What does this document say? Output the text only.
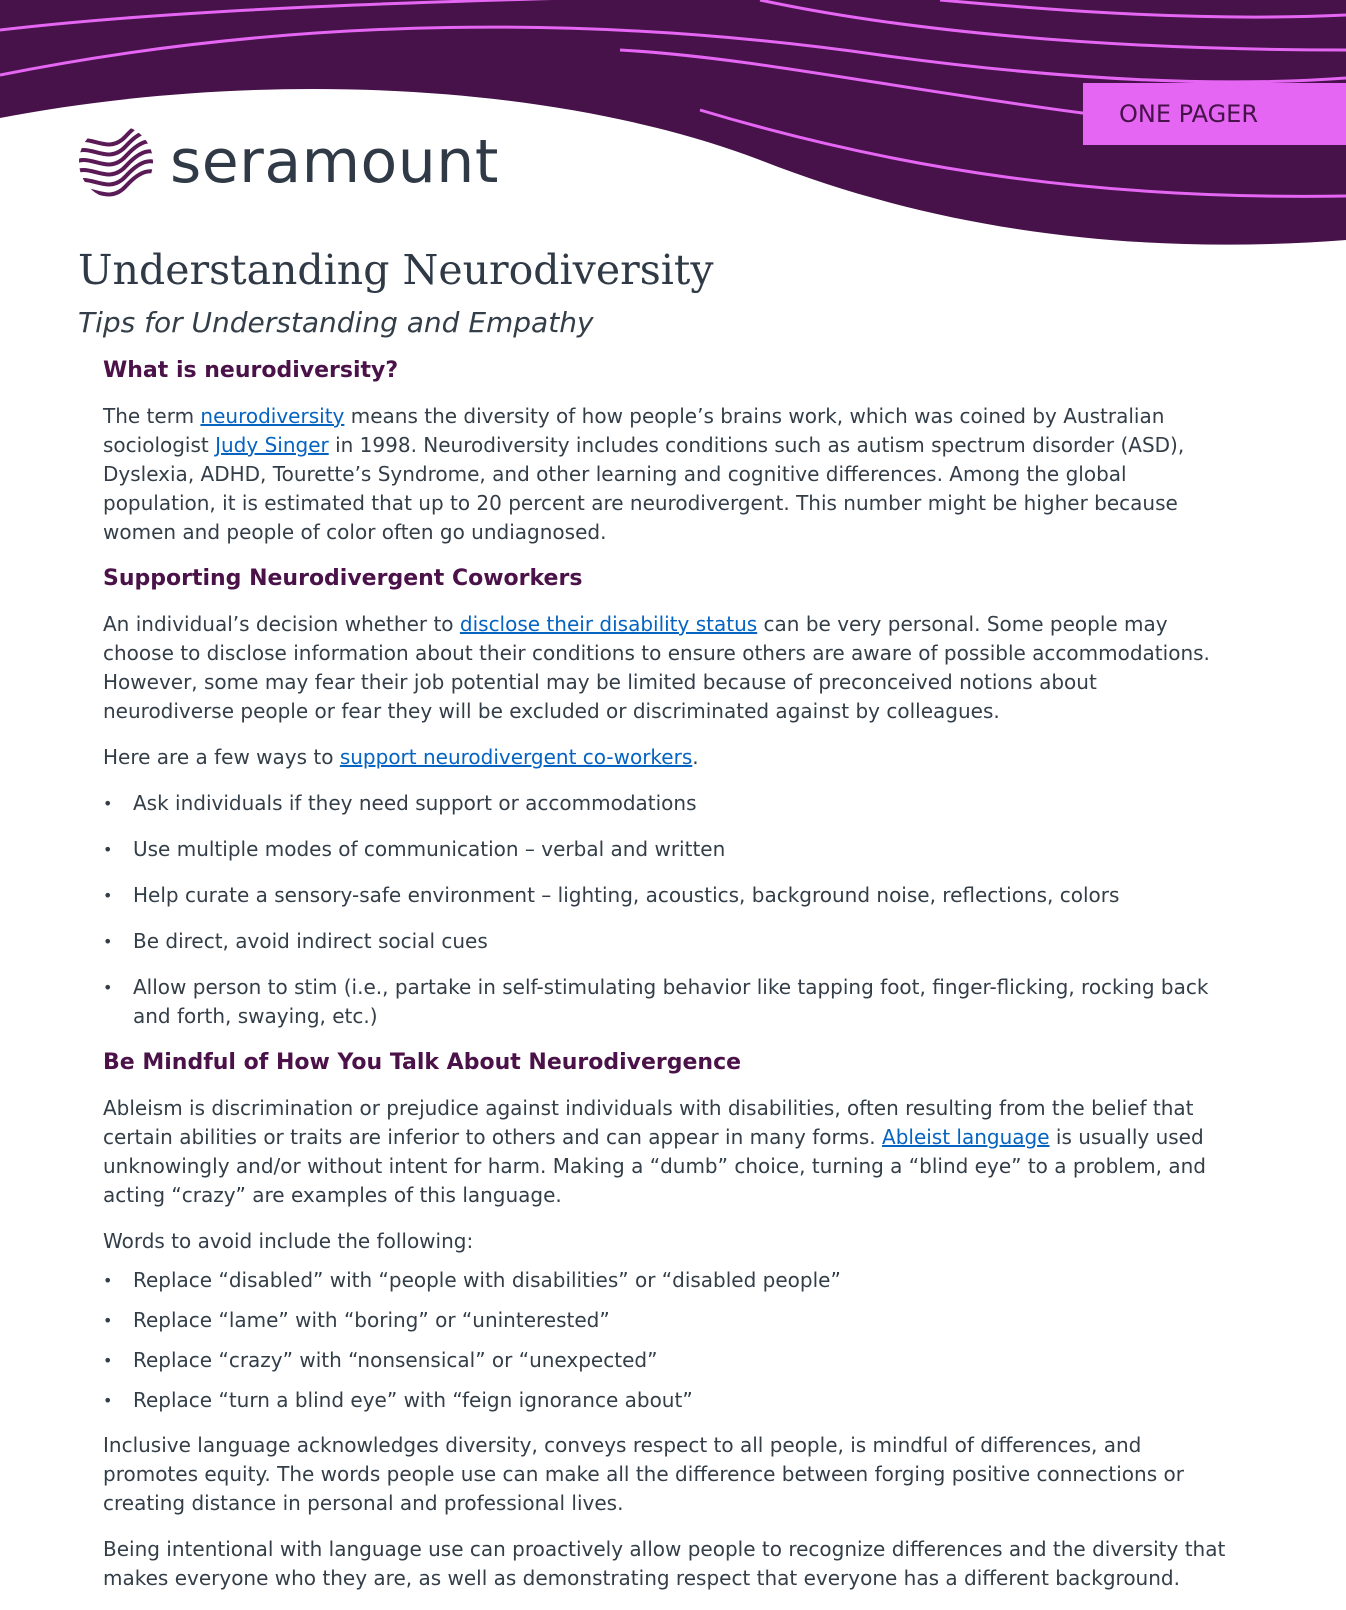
ONE PAGER
seramount
Understanding Neurodiversity
Tips for Understanding and Empathy
What is neurodiversity?

The term neurodiversity means the diversity of how people’s brains work, which was coined by Australian sociologist Judy Singer in 1998. Neurodiversity includes conditions such as autism spectrum disorder (ASD), Dyslexia, ADHD, Tourette’s Syndrome, and other learning and cognitive differences. Among the global population, it is estimated that up to 20 percent are neurodivergent. This number might be higher because women and people of color often go undiagnosed.

Supporting Neurodivergent Coworkers

An individual’s decision whether to disclose their disability status can be very personal. Some people may choose to disclose information about their conditions to ensure others are aware of possible accommodations. However, some may fear their job potential may be limited because of preconceived notions about neurodiverse people or fear they will be excluded or discriminated against by colleagues.

Here are a few ways to support neurodivergent co-workers.

• Ask individuals if they need support or accommodations
• Use multiple modes of communication – verbal and written
• Help curate a sensory-safe environment – lighting, acoustics, background noise, reflections, colors
• Be direct, avoid indirect social cues
• Allow person to stim (i.e., partake in self-stimulating behavior like tapping foot, finger-flicking, rocking back and forth, swaying, etc.)
Be Mindful of How You Talk About Neurodivergence

Ableism is discrimination or prejudice against individuals with disabilities, often resulting from the belief that certain abilities or traits are inferior to others and can appear in many forms. Ableist language is usually used unknowingly and/or without intent for harm. Making a “dumb” choice, turning a “blind eye” to a problem, and acting “crazy” are examples of this language.

Words to avoid include the following:

• Replace “disabled” with “people with disabilities” or “disabled people”
• Replace “lame” with “boring” or “uninterested”
• Replace “crazy” with “nonsensical” or “unexpected”
• Replace “turn a blind eye” with “feign ignorance about”

Inclusive language acknowledges diversity, conveys respect to all people, is mindful of differences, and promotes equity. The words people use can make all the difference between forging positive connections or creating distance in personal and professional lives.

Being intentional with language use can proactively allow people to recognize differences and the diversity that makes everyone who they are, as well as demonstrating respect that everyone has a different background.
